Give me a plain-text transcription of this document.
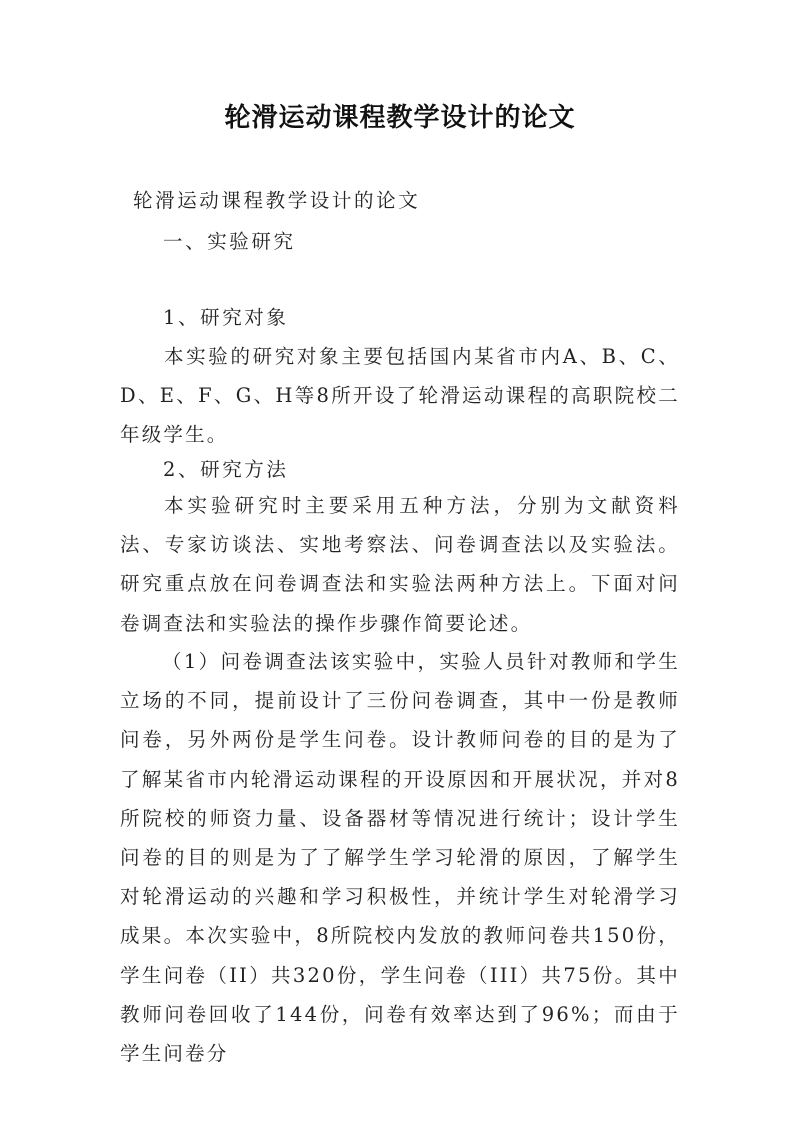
轮滑运动课程教学设计的论文
轮滑运动课程教学设计的论文
一、实验研究
1、研究对象
本实验的研究对象主要包括国内某省市内A、B、C、D、E、F、G、H等8所开设了轮滑运动课程的高职院校二年级学生。
2、研究方法
本实验研究时主要采用五种方法，分别为文献资料法、专家访谈法、实地考察法、问卷调查法以及实验法。研究重点放在问卷调查法和实验法两种方法上。下面对问卷调查法和实验法的操作步骤作简要论述。
（1）问卷调查法该实验中，实验人员针对教师和学生立场的不同，提前设计了三份问卷调查，其中一份是教师问卷，另外两份是学生问卷。设计教师问卷的目的是为了了解某省市内轮滑运动课程的开设原因和开展状况，并对8所院校的师资力量、设备器材等情况进行统计；设计学生问卷的目的则是为了了解学生学习轮滑的原因，了解学生对轮滑运动的兴趣和学习积极性，并统计学生对轮滑学习成果。本次实验中，8所院校内发放的教师问卷共150份，学生问卷（II）共320份，学生问卷（III）共75份。其中教师问卷回收了144份，问卷有效率达到了96%；而由于学生问卷分
